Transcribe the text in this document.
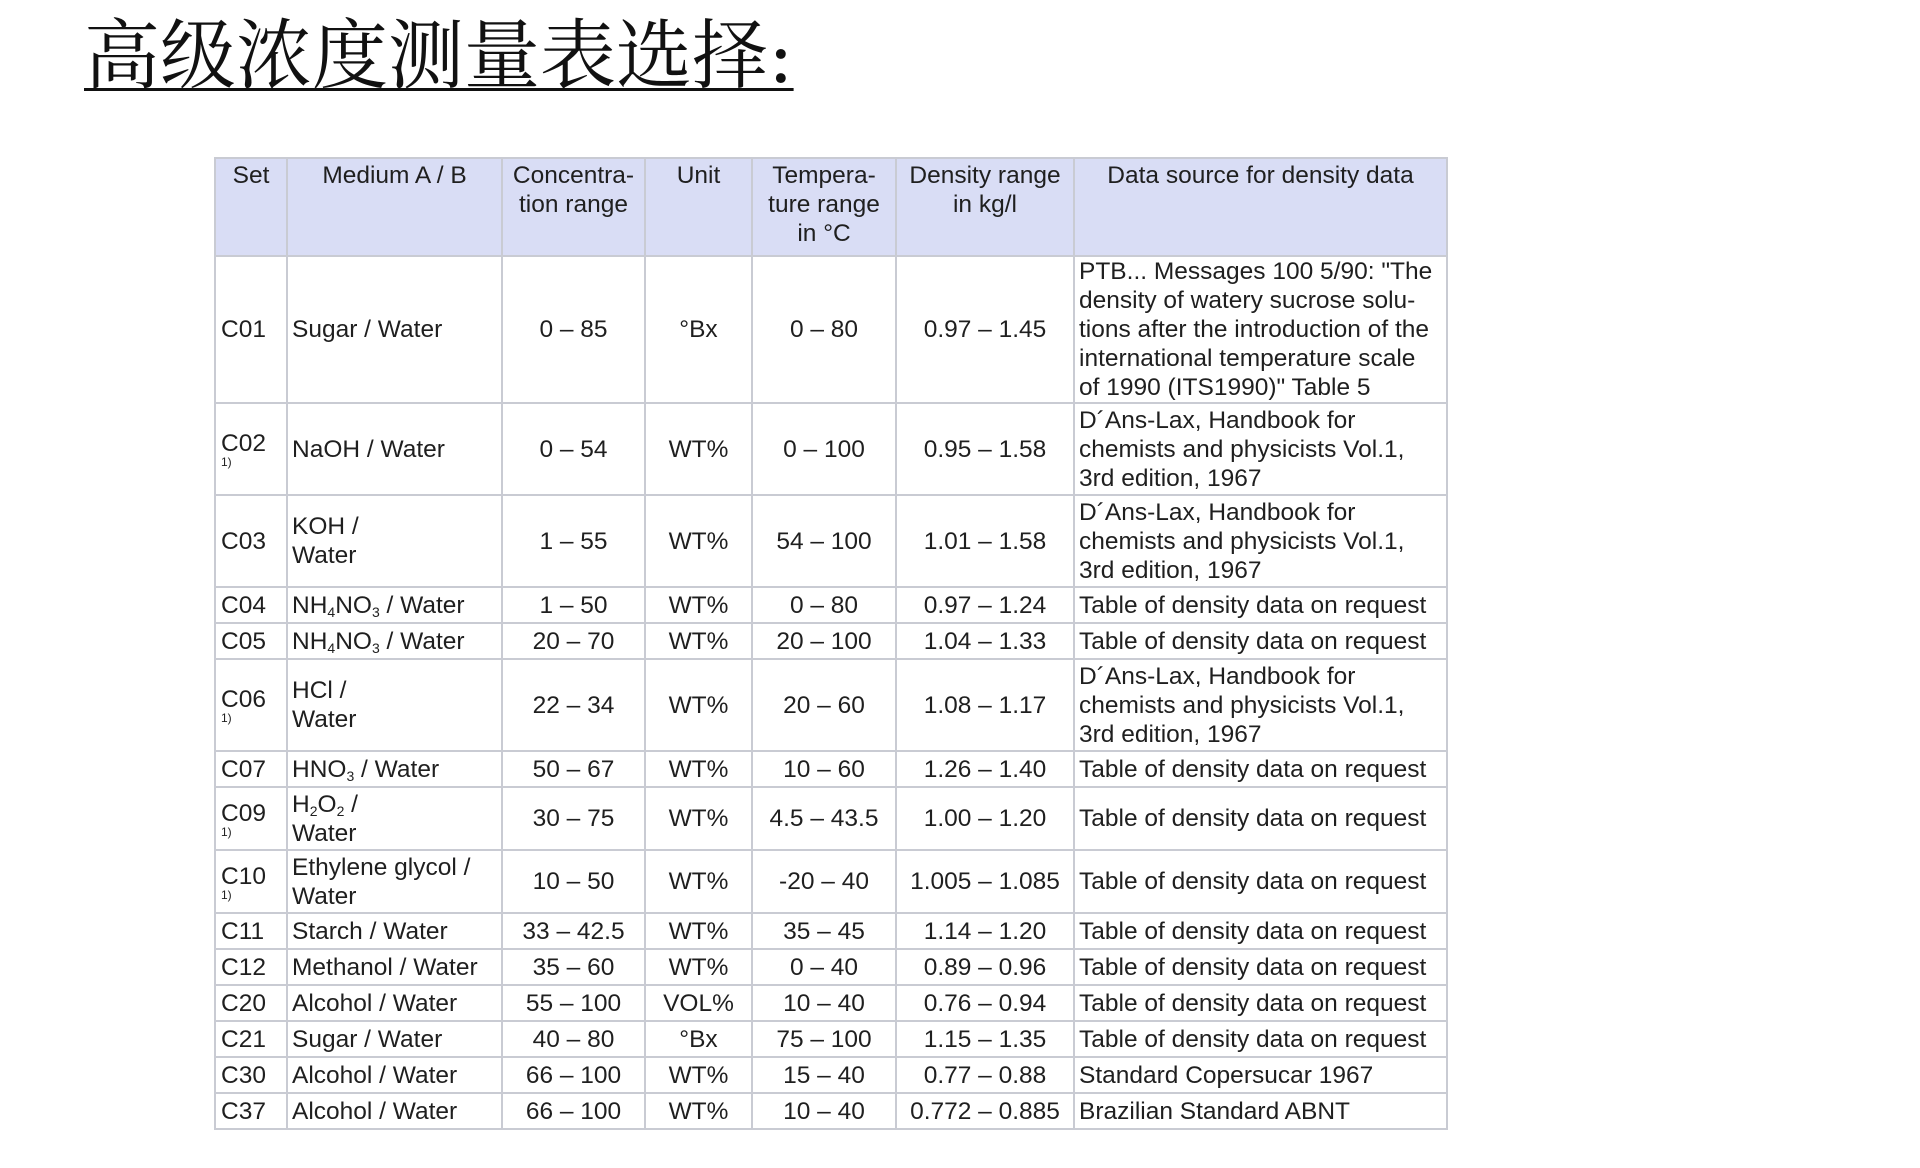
高级浓度测量表选择:
Set	Medium A / B	Concentra-
tion range	Unit	Tempera-
ture range
in °C	Density range
in kg/l	Data source for density data

C01	Sugar / Water	0 – 85	°Bx	0 – 80	0.97 – 1.45	PTB... Messages 100 5/90: "The
density of watery sucrose solu-
tions after the introduction of the
international temperature scale
of 1990 (ITS1990)" Table 5

C02
1)	NaOH / Water	0 – 54	WT%	0 – 100	0.95 – 1.58	D´Ans-Lax, Handbook for
chemists and physicists Vol.1,
3rd edition, 1967

C03	KOH /
Water	1 – 55	WT%	54 – 100	1.01 – 1.58	D´Ans-Lax, Handbook for
chemists and physicists Vol.1,
3rd edition, 1967

C04	$NH_4NO_3$ / Water	1 – 50	WT%	0 – 80	0.97 – 1.24	Table of density data on request

C05	$NH_4NO_3$ / Water	20 – 70	WT%	20 – 100	1.04 – 1.33	Table of density data on request

C06
1)	HCl /
Water	22 – 34	WT%	20 – 60	1.08 – 1.17	D´Ans-Lax, Handbook for
chemists and physicists Vol.1,
3rd edition, 1967

C07	$HNO_3$ / Water	50 – 67	WT%	10 – 60	1.26 – 1.40	Table of density data on request

C09
1)	$H_2O_2$ /
Water	30 – 75	WT%	4.5 – 43.5	1.00 – 1.20	Table of density data on request

C10
1)	Ethylene glycol /
Water	10 – 50	WT%	-20 – 40	1.005 – 1.085	Table of density data on request

C11	Starch / Water	33 – 42.5	WT%	35 – 45	1.14 – 1.20	Table of density data on request

C12	Methanol / Water	35 – 60	WT%	0 – 40	0.89 – 0.96	Table of density data on request

C20	Alcohol / Water	55 – 100	VOL%	10 – 40	0.76 – 0.94	Table of density data on request

C21	Sugar / Water	40 – 80	°Bx	75 – 100	1.15 – 1.35	Table of density data on request

C30	Alcohol / Water	66 – 100	WT%	15 – 40	0.77 – 0.88	Standard Copersucar 1967

C37	Alcohol / Water	66 – 100	WT%	10 – 40	0.772 – 0.885	Brazilian Standard ABNT
